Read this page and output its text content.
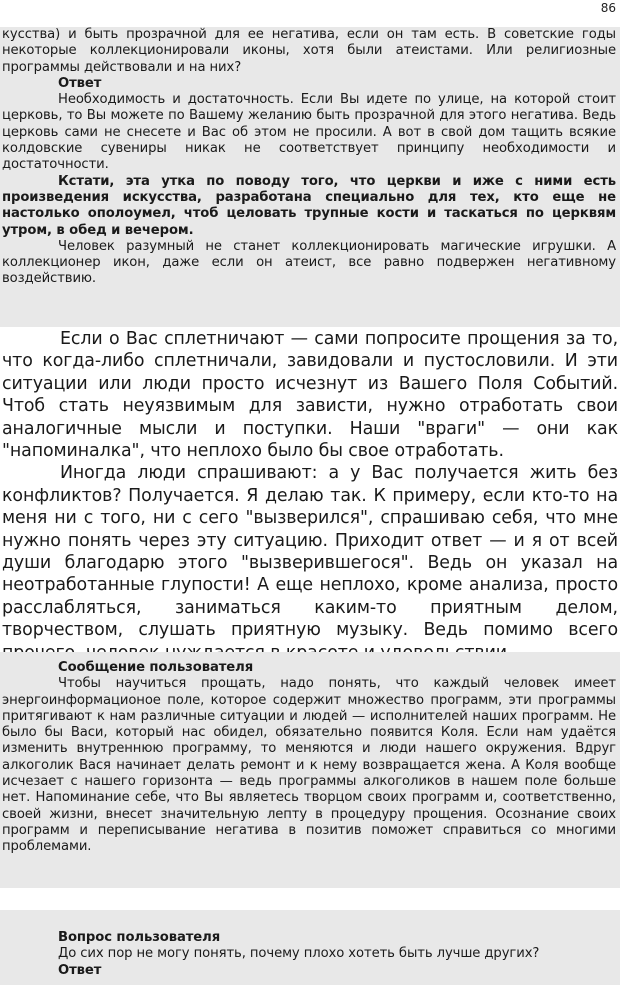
86

кусства) и быть прозрачной для ее негатива, если он там есть. В советские годы некоторые коллекционировали иконы, хотя были атеистами. Или религиозные программы действовали и на них?

Ответ

Необходимость и достаточность. Если Вы идете по улице, на которой стоит церковь, то Вы можете по Вашему желанию быть прозрачной для этого негатива. Ведь церковь сами не снесете и Вас об этом не просили. А вот в свой дом тащить всякие колдовские сувениры никак не соответствует принципу необходимости и достаточности.

Кстати, эта утка по поводу того, что церкви и иже с ними есть произведения искусства, разработана специально для тех, кто еще не настолько ополоумел, чтоб целовать трупные кости и таскаться по церквям утром, в обед и вечером.

Человек разумный не станет коллекционировать магические игрушки. А коллекционер икон, даже если он атеист, все равно подвержен негативному воздействию.

Если о Вас сплетничают — сами попросите прощения за то, что когда-либо сплетничали, завидовали и пустословили. И эти ситуации или люди просто исчезнут из Вашего Поля Событий. Чтоб стать неуязвимым для зависти, нужно отработать свои аналогичные мысли и поступки. Наши "враги" — они как "напоминалка", что неплохо было бы свое отработать.

Иногда люди спрашивают: а у Вас получается жить без конфликтов? Получается. Я делаю так. К примеру, если кто-то на меня ни с того, ни с сего "вызверился", спрашиваю себя, что мне нужно понять через эту ситуацию. Приходит ответ — и я от всей души благодарю этого "вызверившегося". Ведь он указал на неотработанные глупости! А еще неплохо, кроме анализа, просто расслабляться, заниматься каким-то приятным делом, творчеством, слушать приятную музыку. Ведь помимо всего

Сообщение пользователя

Чтобы научиться прощать, надо понять, что каждый человек имеет энергоинформационое поле, которое содержит множество программ, эти программы притягивают к нам различные ситуации и людей — исполнителей наших программ. Не было бы Васи, который нас обидел, обязательно появится Коля. Если нам удаётся изменить внутреннюю программу, то меняются и люди нашего окружения. Вдруг алкоголик Вася начинает делать ремонт и к нему возвращается жена. А Коля вообще исчезает с нашего горизонта — ведь программы алкоголиков в нашем поле больше нет. Напоминание себе, что Вы являетесь творцом своих программ и, соответственно, своей жизни, внесет значительную лепту в процедуру прощения. Осознание своих программ и переписывание негатива в позитив поможет справиться со многими проблемами.

Вопрос пользователя

До сих пор не могу понять, почему плохо хотеть быть лучше других?

Ответ
